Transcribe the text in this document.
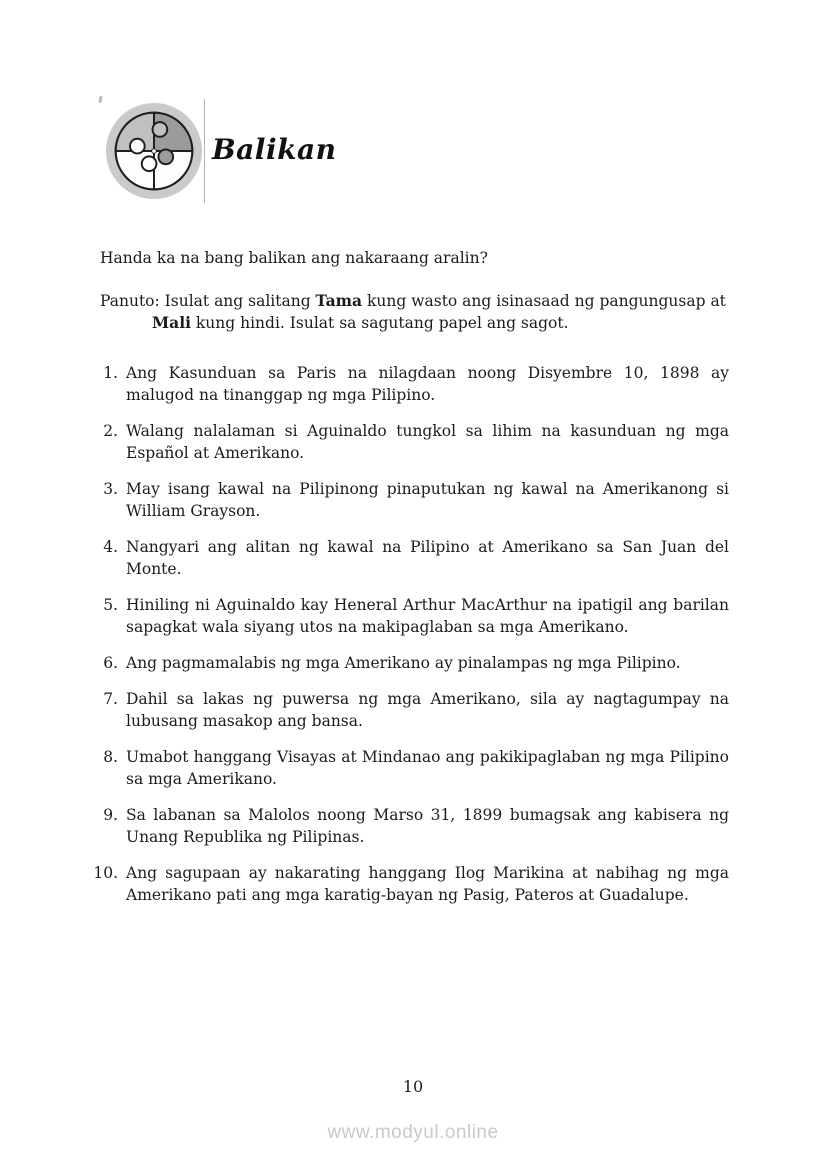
Balikan

Handa ka na bang balikan ang nakaraang aralin?

Panuto: Isulat ang salitang Tama kung wasto ang isinasaad ng pangungusap at Mali kung hindi. Isulat sa sagutang papel ang sagot.

1. Ang Kasunduan sa Paris na nilagdaan noong Disyembre 10, 1898 ay malugod na tinanggap ng mga Pilipino.
2. Walang nalalaman si Aguinaldo tungkol sa lihim na kasunduan ng mga Español at Amerikano.
3. May isang kawal na Pilipinong pinaputukan ng kawal na Amerikanong si William Grayson.
4. Nangyari ang alitan ng kawal na Pilipino at Amerikano sa San Juan del Monte.
5. Hiniling ni Aguinaldo kay Heneral Arthur MacArthur na ipatigil ang barilan sapagkat wala siyang utos na makipaglaban sa mga Amerikano.
6. Ang pagmamalabis ng mga Amerikano ay pinalampas ng mga Pilipino.
7. Dahil sa lakas ng puwersa ng mga Amerikano, sila ay nagtagumpay na lubusang masakop ang bansa.
8. Umabot hanggang Visayas at Mindanao ang pakikipaglaban ng mga Pilipino sa mga Amerikano.
9. Sa labanan sa Malolos noong Marso 31, 1899 bumagsak ang kabisera ng Unang Republika ng Pilipinas.
10. Ang sagupaan ay nakarating hanggang Ilog Marikina at nabihag ng mga Amerikano pati ang mga karatig-bayan ng Pasig, Pateros at Guadalupe.
10
www.modyul.online
